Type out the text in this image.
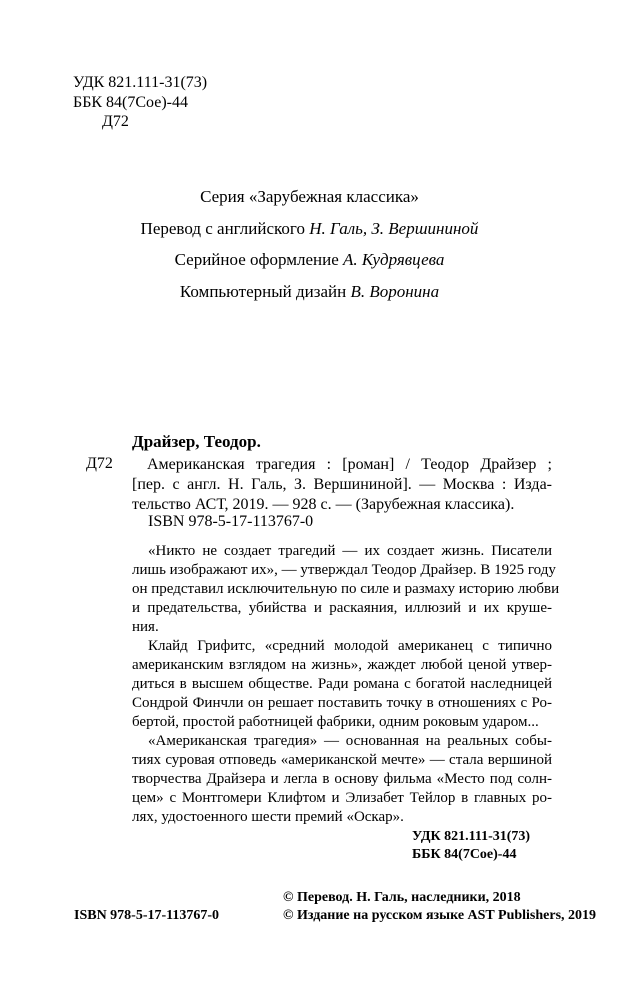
УДК 821.111-31(73)
ББК 84(7Сое)-44
Д72
Серия «Зарубежная классика»
Перевод с английского Н. Галь, З. Вершининой
Серийное оформление А. Кудрявцева
Компьютерный дизайн В. Воронина
Драйзер, Теодор.
Д72 Американская трагедия : [роман] / Теодор Драйзер ;
[пер. с англ. Н. Галь, З. Вершининой]. — Москва : Изда-
тельство АСТ, 2019. — 928 с. — (Зарубежная классика).
ISBN 978-5-17-113767-0
«Никто не создает трагедий — их создает жизнь. Писатели
лишь изображают их», — утверждал Теодор Драйзер. В 1925 году
он представил исключительную по силе и размаху историю любви
и предательства, убийства и раскаяния, иллюзий и их круше-
ния.
Клайд Грифитс, «средний молодой американец с типично
американским взглядом на жизнь», жаждет любой ценой утвер-
диться в высшем обществе. Ради романа с богатой наследницей
Сондрой Финчли он решает поставить точку в отношениях с Ро-
бертой, простой работницей фабрики, одним роковым ударом...
«Американская трагедия» — основанная на реальных собы-
тиях суровая отповедь «американской мечте» — стала вершиной
творчества Драйзера и легла в основу фильма «Место под солн-
цем» с Монтгомери Клифтом и Элизабет Тейлор в главных ро-
лях, удостоенного шести премий «Оскар».
УДК 821.111-31(73)
ББК 84(7Сое)-44
ISBN 978-5-17-113767-0
© Перевод. Н. Галь, наследники, 2018
© Издание на русском языке AST Publishers, 2019
